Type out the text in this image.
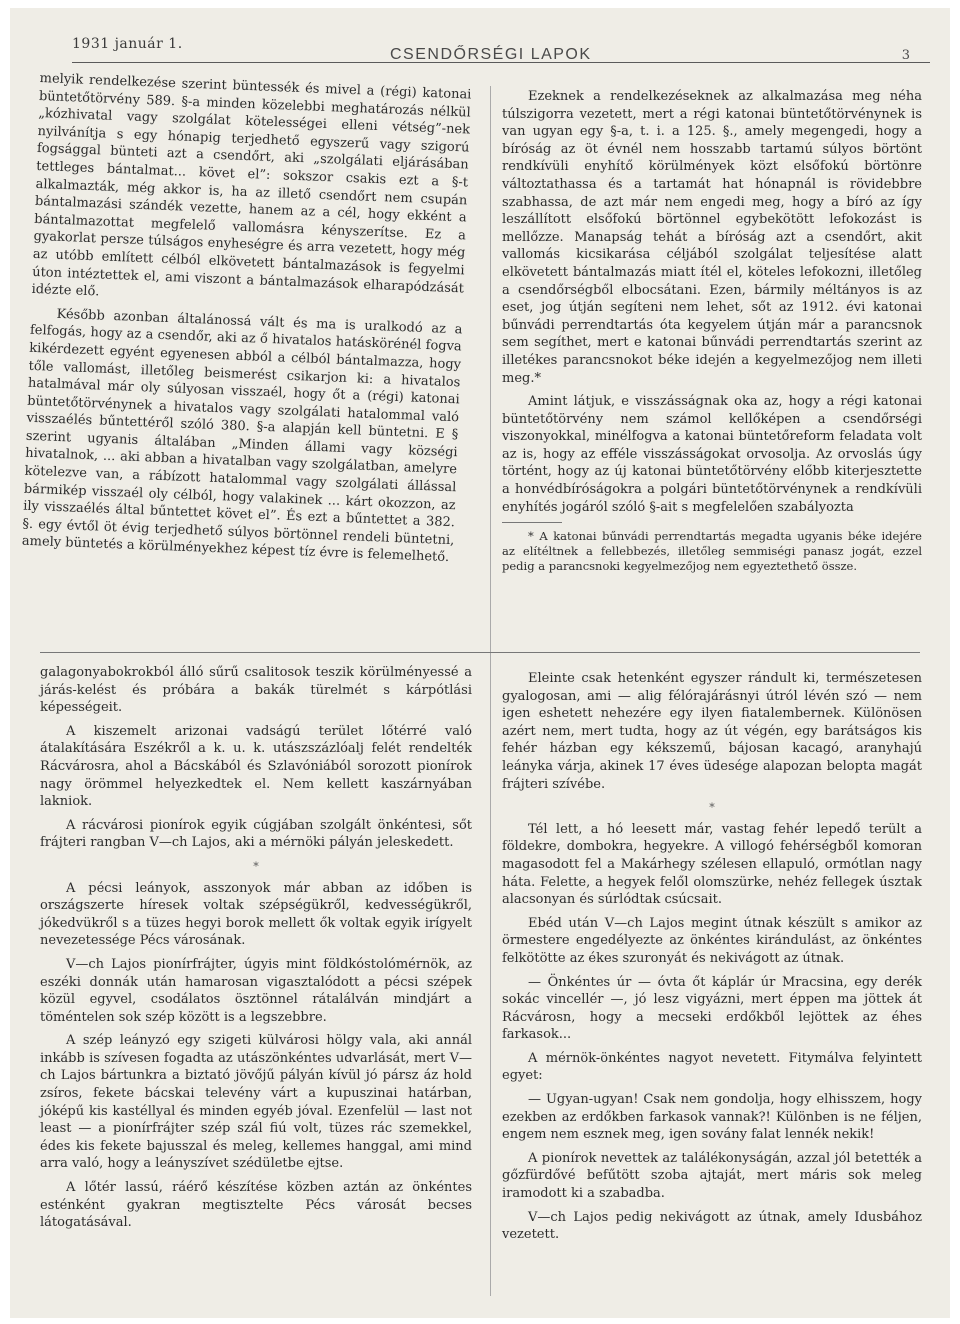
1931 január 1.
CSENDŐRSÉGI LAPOK	3

melyik rendelkezése szerint büntessék és mivel a (régi) katonai büntetőtörvény 589. §-a minden közelebbi meghatározás nélkül „kózhivatal vagy szolgálat kötelességei elleni vétség”-nek nyilvánítja s egy hónapig terjedhető egyszerű vagy szigorú fogsággal bünteti azt a csendőrt, aki „szolgálati eljárásában tettleges bántalmat... követ el”: sokszor csakis ezt a §-t alkalmazták, még akkor is, ha az illető csendőrt nem csupán bántalmazási szándék vezette, hanem az a cél, hogy ekként a bántalmazottat megfelelő vallomásra kényszerítse. Ez a gyakorlat persze túlságos enyheségre és arra vezetett, hogy még az utóbb említett célból elkövetett bántalmazások is fegyelmi úton intéztettek el, ami viszont a bántalmazások elharapódzását idézte elő.

Később azonban általánossá vált és ma is uralkodó az a felfogás, hogy az a csendőr, aki az ő hivatalos hatáskörénél fogva kikérdezett egyént egyenesen abból a célból bántalmazza, hogy tőle vallomást, illetőleg beismerést csikarjon ki: a hivatalos hatalmával már oly súlyosan visszaél, hogy őt a (régi) katonai büntetőtörvénynek a hivatalos vagy szolgálati hatalommal való visszaélés bűntettéről szóló 380. §-a alapján kell büntetni. E § szerint ugyanis általában „Minden állami vagy községi hivatalnok, ... aki abban a hivatalban vagy szolgálatban, amelyre kötelezve van, a rábízott hatalommal vagy szolgálati állással bármikép visszaél oly célból, hogy valakinek ... kárt okozzon, az ily visszaélés által bűntettet követ el”. És ezt a bűntettet a 382. §. egy évtől öt évig terjedhető súlyos börtönnel rendeli büntetni, amely büntetés a körülményekhez képest tíz évre is felemelhető.

Ezeknek a rendelkezéseknek az alkalmazása meg néha túlszigorra vezetett, mert a régi katonai büntetőtörvénynek is van ugyan egy §-a, t. i. a 125. §., amely megengedi, hogy a bíróság az öt évnél nem hosszabb tartamú súlyos börtönt rendkívüli enyhítő körülmények közt elsőfokú börtönre változtathassa és a tartamát hat hónapnál is rövidebbre szabhassa, de azt már nem engedi meg, hogy a bíró az így leszállított elsőfokú börtönnel egybekötött lefokozást is mellőzze. Manapság tehát a bíróság azt a csendőrt, akit vallomás kicsikarása céljából szolgálat teljesítése alatt elkövetett bántalmazás miatt ítél el, köteles lefokozni, illetőleg a csendőrségből elbocsátani. Ezen, bármily méltányos is az eset, jog útján segíteni nem lehet, sőt az 1912. évi katonai bűnvádi perrendtartás óta kegyelem útján már a parancsnok sem segíthet, mert e katonai bűnvádi perrendtartás szerint az illetékes parancsnokot béke idején a kegyelmezőjog nem illeti meg.*

Amint látjuk, e visszásságnak oka az, hogy a régi katonai büntetőtörvény nem számol kellőképen a csendőrségi viszonyokkal, minélfogva a katonai büntetőreform feladata volt az is, hogy az efféle visszásságokat orvosolja. Az orvoslás úgy történt, hogy az új katonai büntetőtörvény előbb kiterjesztette a honvédbíróságokra a polgári büntetőtörvénynek a rendkívüli enyhítés jogáról szóló §-ait s megfelelően szabályozta

* A katonai bűnvádi perrendtartás megadta ugyanis béke idejére az elítéltnek a fellebbezés, illetőleg semmiségi panasz jogát, ezzel pedig a parancsnoki kegyelmezőjog nem egyeztethető össze.

galagonyabokrokból álló sűrű csalitosok teszik körülményessé a járás-kelést és próbára a bakák türelmét s kárpótlási képességeit.

A kiszemelt arizonai vadságú terület lőtérré való átalakítására Eszékről a k. u. k. utászszázlóalj felét rendelték Rácvárosra, ahol a Bácskából és Szlavóniából sorozott pionírok nagy örömmel helyezkedtek el. Nem kellett kaszárnyában lakniok.

A rácvárosi pionírok egyik cúgjában szolgált önkéntesi, sőt frájteri rangban V—ch Lajos, aki a mérnöki pályán jeleskedett.

*

A pécsi leányok, asszonyok már abban az időben is országszerte híresek voltak szépségükről, kedvességükről, jókedvükről s a tüzes hegyi borok mellett ők voltak egyik irígyelt nevezetessége Pécs városának.

V—ch Lajos pionírfrájter, úgyis mint földkóstolómérnök, az eszéki donnák után hamarosan vigasztalódott a pécsi szépek közül egyvel, csodálatos ösztönnel rátalálván mindjárt a töméntelen sok szép között is a legszebbre.

A szép leányzó egy szigeti külvárosi hölgy vala, aki annál inkább is szívesen fogadta az utászönkéntes udvarlását, mert V—ch Lajos bártunkra a biztató jövőjű pályán kívül jó pársz áz hold zsíros, fekete bácskai televény várt a kupuszinai határban, jóképű kis kastéllyal és minden egyéb jóval. Ezenfelül — last not least — a pionírfrájter szép szál fiú volt, tüzes rác szemekkel, édes kis fekete bajusszal és meleg, kellemes hanggal, ami mind arra való, hogy a leányszívet szédületbe ejtse.

A lőtér lassú, ráérő készítése közben aztán az önkéntes esténként gyakran megtisztelte Pécs városát becses látogatásával.

Eleinte csak hetenként egyszer rándult ki, természetesen gyalogosan, ami — alig félórajárásnyi útról lévén szó — nem igen eshetett nehezére egy ilyen fiatalembernek. Különösen azért nem, mert tudta, hogy az út végén, egy barátságos kis fehér házban egy kékszemű, bájosan kacagó, aranyhajú leányka várja, akinek 17 éves üdesége alapozan belopta magát fráјteri szívébe.

*

Tél lett, a hó leesett már, vastag fehér lepedő terült a földekre, dombokra, hegyekre. A villogó fehérségből komoran magasodott fel a Makárhegy szélesen ellapuló, ormótlan nagy háta. Felette, a hegyek felől olomszürke, nehéz fellegek úsztak alacsonyan és súrlódtak csúcsait.

Ebéd után V—ch Lajos megint útnak készült s amikor az örmestere engedélyezte az önkéntes kirándulást, az önkéntes felkötötte az ékes szuronyát és nekivágott az útnak.

— Önkéntes úr — óvta őt káplár úr Mracsina, egy derék sokác vincellér —, jó lesz vigyázni, mert éppen ma jöttek át Rácvárosn, hogy a mecseki erdőkből lejöttek az éhes farkasok...

A mérnök-önkéntes nagyot nevetett. Fitymálva felyintett egyet:

— Ugyan-ugyan! Csak nem gondolja, hogy elhisszem, hogy ezekben az erdőkben farkasok vannak?! Különben is ne féljen, engem nem esznek meg, igen sovány falat lennék nekik!

A pionírok nevettek az találékonyságán, azzal jól betették a gőzfürdővé befűtött szoba ajtaját, mert máris sok meleg iramodott ki a szabadba.

V—ch Lajos pedig nekivágott az útnak, amely Idusbához vezetett.
